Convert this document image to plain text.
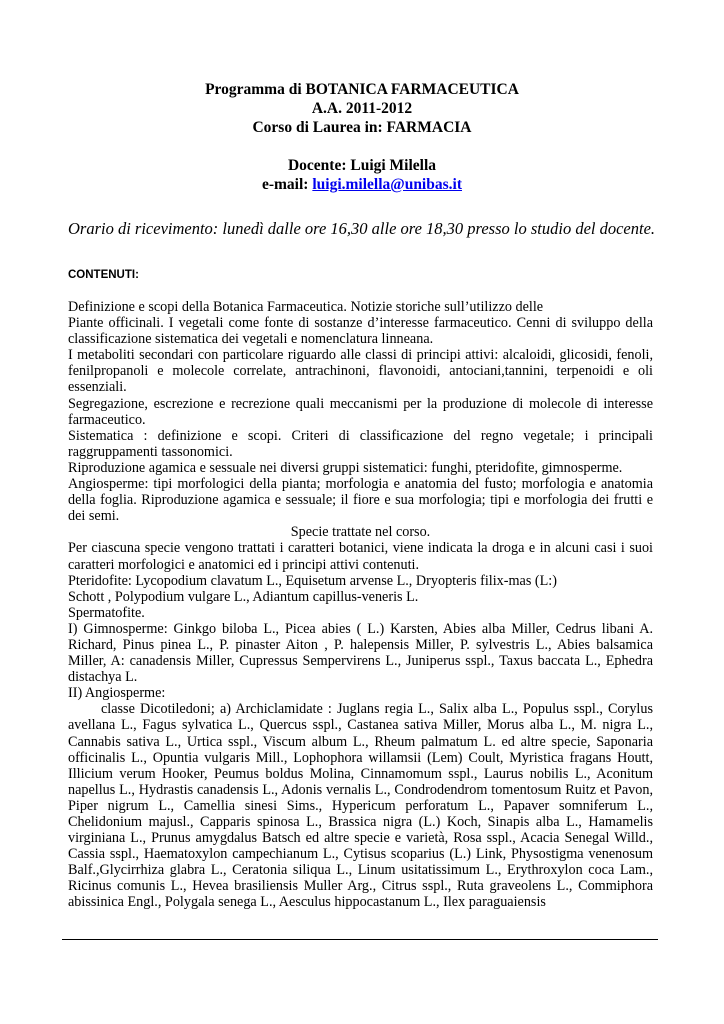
Programma di BOTANICA FARMACEUTICA
A.A. 2011-2012
Corso di Laurea in: FARMACIA
Docente: Luigi Milella
e-mail: luigi.milella@unibas.it
Orario di ricevimento: lunedì dalle ore 16,30 alle ore 18,30 presso lo studio del docente.
CONTENUTI:

Definizione e scopi della Botanica Farmaceutica. Notizie storiche sull’utilizzo delle

Piante officinali. I vegetali come fonte di sostanze d’interesse farmaceutico. Cenni di sviluppo della classificazione sistematica dei vegetali e nomenclatura linneana.

I metaboliti secondari con particolare riguardo alle classi di principi attivi: alcaloidi, glicosidi, fenoli, fenilpropanoli e molecole correlate, antrachinoni, flavonoidi, antociani,tannini, terpenoidi e oli essenziali.

Segregazione, escrezione e recrezione quali meccanismi per la produzione di molecole di interesse farmaceutico.

Sistematica : definizione e scopi. Criteri di classificazione del regno vegetale; i principali raggruppamenti tassonomici.

Riproduzione agamica e sessuale nei diversi gruppi sistematici: funghi, pteridofite, gimnosperme.

Angiosperme: tipi morfologici della pianta; morfologia e anatomia del fusto; morfologia e anatomia della foglia. Riproduzione agamica e sessuale; il fiore e sua morfologia; tipi e morfologia dei frutti e dei semi.

Specie trattate nel corso.

Per ciascuna specie vengono trattati i caratteri botanici, viene indicata la droga e in alcuni casi i suoi caratteri morfologici e anatomici ed i principi attivi contenuti.

Pteridofite: Lycopodium clavatum L., Equisetum arvense L., Dryopteris filix-mas (L:)

Schott , Polypodium vulgare L., Adiantum capillus-veneris L.

Spermatofite.

I) Gimnosperme: Ginkgo biloba L., Picea abies ( L.) Karsten, Abies alba Miller, Cedrus libani A. Richard, Pinus pinea L., P. pinaster Aiton , P. halepensis Miller, P. sylvestris L., Abies balsamica Miller, A: canadensis Miller, Cupressus Sempervirens L., Juniperus sspl., Taxus baccata L., Ephedra distachya L.

II) Angiosperme:

classe Dicotiledoni; a) Archiclamidate : Juglans regia L., Salix alba L., Populus sspl., Corylus avellana L., Fagus sylvatica L., Quercus sspl., Castanea sativa Miller, Morus alba L., M. nigra L., Cannabis sativa L., Urtica sspl., Viscum album L., Rheum palmatum L. ed altre specie, Saponaria officinalis L., Opuntia vulgaris Mill., Lophophora willamsii (Lem) Coult, Myristica fragans Houtt, Illicium verum Hooker, Peumus boldus Molina, Cinnamomum sspl., Laurus nobilis L., Aconitum napellus L., Hydrastis canadensis L., Adonis vernalis L., Condrodendrom tomentosum Ruitz et Pavon, Piper nigrum L., Camellia sinesi Sims., Hypericum perforatum L., Papaver somniferum L., Chelidonium majusl., Capparis spinosa L., Brassica nigra (L.) Koch, Sinapis alba L., Hamamelis virginiana L., Prunus amygdalus Batsch ed altre specie e varietà, Rosa sspl., Acacia Senegal Willd., Cassia sspl., Haematoxylon campechianum L., Cytisus scoparius (L.) Link, Physostigma venenosum Balf.,Glycirrhiza glabra L., Ceratonia siliqua L., Linum usitatissimum L., Erythroxylon coca Lam., Ricinus comunis L., Hevea brasiliensis Muller Arg., Citrus sspl., Ruta graveolens L., Commiphora abissinica Engl., Polygala senega L., Aesculus hippocastanum L., Ilex paraguaiensis
